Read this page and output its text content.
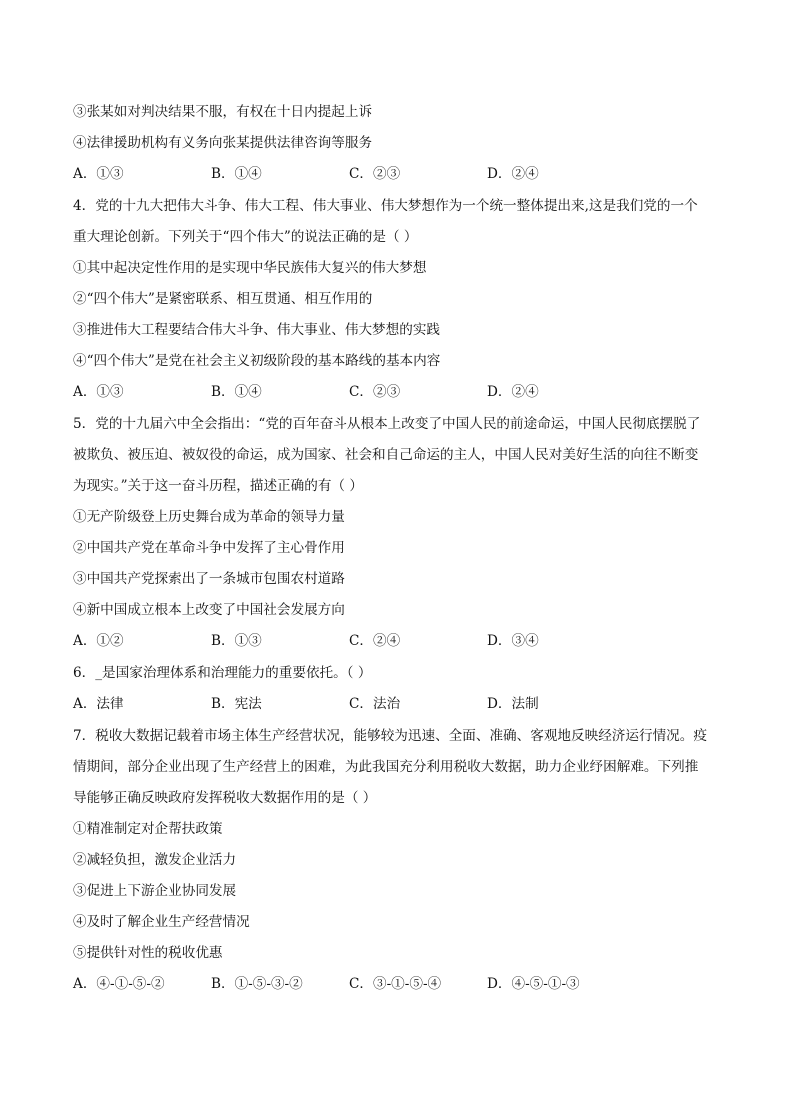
③张某如对判决结果不服，有权在十日内提起上诉
④法律援助机构有义务向张某提供法律咨询等服务
A．①③	B．①④	C．②③	D．②④
4．党的十九大把伟大斗争、伟大工程、伟大事业、伟大梦想作为一个统一整体提出来,这是我们党的一个
重大理论创新。下列关于“四个伟大”的说法正确的是（ ）
①其中起决定性作用的是实现中华民族伟大复兴的伟大梦想
②“四个伟大”是紧密联系、相互贯通、相互作用的
③推进伟大工程要结合伟大斗争、伟大事业、伟大梦想的实践
④“四个伟大”是党在社会主义初级阶段的基本路线的基本内容
A．①③	B．①④	C．②③	D．②④
5．党的十九届六中全会指出：“党的百年奋斗从根本上改变了中国人民的前途命运，中国人民彻底摆脱了
被欺负、被压迫、被奴役的命运，成为国家、社会和自己命运的主人，中国人民对美好生活的向往不断变
为现实。”关于这一奋斗历程，描述正确的有（ ）
①无产阶级登上历史舞台成为革命的领导力量
②中国共产党在革命斗争中发挥了主心骨作用
③中国共产党探索出了一条城市包围农村道路
④新中国成立根本上改变了中国社会发展方向
A．①②	B．①③	C．②④	D．③④
6．_是国家治理体系和治理能力的重要依托。（ ）
A．法律	B．宪法	C．法治	D．法制
7．税收大数据记载着市场主体生产经营状况，能够较为迅速、全面、准确、客观地反映经济运行情况。疫
情期间，部分企业出现了生产经营上的困难，为此我国充分利用税收大数据，助力企业纾困解难。下列推
导能够正确反映政府发挥税收大数据作用的是（ ）
①精准制定对企帮扶政策
②减轻负担，激发企业活力
③促进上下游企业协同发展
④及时了解企业生产经营情况
⑤提供针对性的税收优惠
A．④-①-⑤-②	B．①-⑤-③-②	C．③-①-⑤-④	D．④-⑤-①-③
